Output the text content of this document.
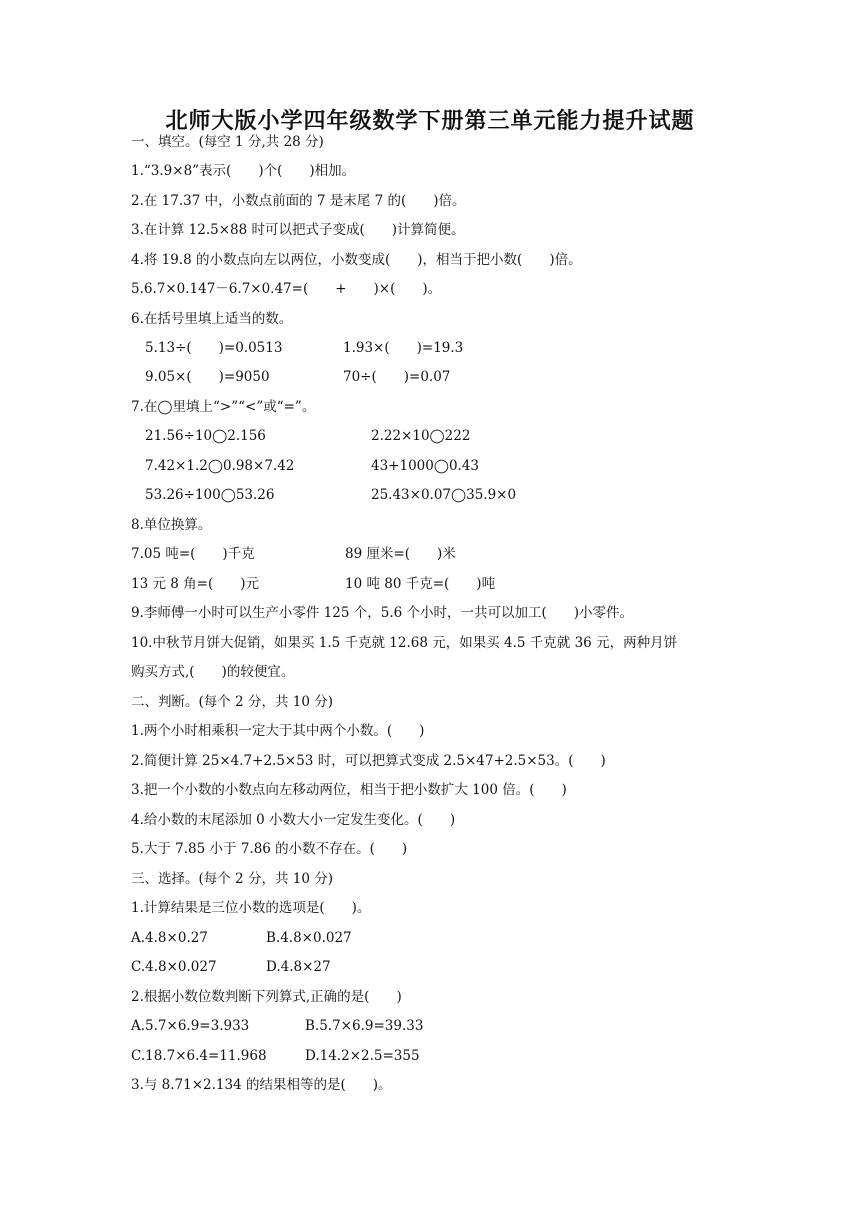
北师大版小学四年级数学下册第三单元能力提升试题
一、填空。(每空 1 分,共 28 分)
1.“3.9×8”表示(　　)个(　　)相加。
2.在 17.37 中，小数点前面的 7 是末尾 7 的(　　)倍。
3.在计算 12.5×88 时可以把式子变成(　　)计算简便。
4.将 19.8 的小数点向左以两位，小数变成(　　)，相当于把小数(　　)倍。
5.6.7×0.147－6.7×0.47=(　　+　　)×(　　)。
6.在括号里填上适当的数。
5.13÷(　　)=0.0513	1.93×(　　)=19.3
9.05×(　　)=9050	70÷(　　)=0.07
7.在◯里填上“>”“<”或“=”。
21.56÷10◯2.156	2.22×10◯222
7.42×1.2◯0.98×7.42	43+1000◯0.43
53.26÷100◯53.26	25.43×0.07◯35.9×0
8.单位换算。
7.05 吨=(　　)千克	89 厘米=(　　)米
13 元 8 角=(　　)元	10 吨 80 千克=(　　)吨
9.李师傅一小时可以生产小零件 125 个，5.6 个小时，一共可以加工(　　)小零件。
10.中秋节月饼大促销，如果买 1.5 千克就 12.68 元，如果买 4.5 千克就 36 元，两种月饼
购买方式,(　　)的较便宜。
二、判断。(每个 2 分，共 10 分)
1.两个小时相乘积一定大于其中两个小数。(　　)
2.简便计算 25×4.7+2.5×53 时，可以把算式变成 2.5×47+2.5×53。(　　)
3.把一个小数的小数点向左移动两位，相当于把小数扩大 100 倍。(　　)
4.给小数的末尾添加 0 小数大小一定发生变化。(　　)
5.大于 7.85 小于 7.86 的小数不存在。(　　)
三、选择。(每个 2 分，共 10 分)
1.计算结果是三位小数的选项是(　　)。
A.4.8×0.27	B.4.8×0.027
C.4.8×0.027	D.4.8×27
2.根据小数位数判断下列算式,正确的是(　　)
A.5.7×6.9=3.933	B.5.7×6.9=39.33
C.18.7×6.4=11.968	D.14.2×2.5=355
3.与 8.71×2.134 的结果相等的是(　　)。
